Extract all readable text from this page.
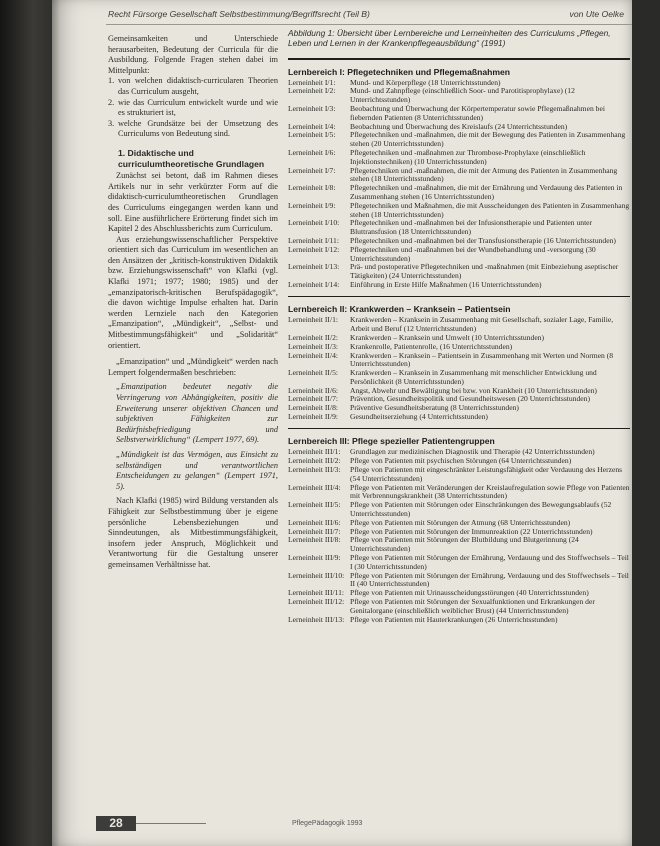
Recht Fürsorge Gesellschaft Selbstbestimmung/Begriffsrecht (Teil B)	von Ute Oelke

Gemeinsamkeiten und Unterschiede herausarbeiten, Bedeutung der Curricula für die Ausbildung. Folgende Fragen stehen dabei im Mittelpunkt:

1. von welchen didaktisch-curricularen Theorien das Curriculum ausgeht,
2. wie das Curriculum entwickelt wurde und wie es strukturiert ist,
3. welche Grundsätze bei der Umsetzung des Curriculums von Bedeutung sind.
1. Didaktische und curriculumtheoretische Grundlagen

Zunächst sei betont, daß im Rahmen dieses Artikels nur in sehr verkürzter Form auf die didaktisch-curriculumtheoretischen Grundlagen des Curriculums eingegangen werden kann und soll. Eine ausführlichere Erörterung findet sich im Kapitel 2 des Abschlussberichts zum Curriculum.

Aus erziehungswissenschaftlicher Perspektive orientiert sich das Curriculum im wesentlichen an den Ansätzen der „kritisch-konstruktiven Didaktik bzw. Erziehungswissenschaft“ von Klafki (vgl. Klafki 1971; 1977; 1980; 1985) und der „emanzipatorisch-kritischen Berufspädagogik“, die davon wichtige Impulse erhalten hat. Darin werden Lernziele nach den Kategorien „Emanzipation“, „Mündigkeit“, „Selbst- und Mitbestimmungsfähigkeit“ und „Solidarität“ orientiert.

„Emanzipation“ und „Mündigkeit“ werden nach Lempert folgendermaßen beschrieben:

„Emanzipation bedeutet negativ die Verringerung von Abhängigkeiten, positiv die Erweiterung unserer objektiven Chancen und subjektiven Fähigkeiten zur Bedürfnisbefriedigung und Selbstverwirklichung“ (Lempert 1977, 69).

„Mündigkeit ist das Vermögen, aus Einsicht zu selbständigen und verantwortlichen Entscheidungen zu gelangen“ (Lempert 1971, 5).

Nach Klafki (1985) wird Bildung verstanden als Fähigkeit zur Selbstbestimmung über je eigene persönliche Lebensbeziehungen und Sinndeutungen, als Mitbestimmungsfähigkeit, insofern jeder Anspruch, Möglichkeit und Verantwortung für die Gestaltung unserer gemeinsamen Verhältnisse hat.

Abbildung 1: Übersicht über Lernbereiche und Lerneinheiten des Curriculums „Pflegen, Leben und Lernen in der Krankenpflegeausbildung“ (1991)
Lernbereich I: Pflegetechniken und Pflegemaßnahmen
Lerneinheit I/1:	Mund- und Körperpflege (18 Unterrichtsstunden)
Lerneinheit I/2:	Mund- und Zahnpflege (einschließlich Soor- und Parotitisprophylaxe) (12 Unterrichtsstunden)
Lerneinheit I/3:	Beobachtung und Überwachung der Körpertemperatur sowie Pflegemaßnahmen bei fiebernden Patienten (8 Unterrichtsstunden)
Lerneinheit I/4:	Beobachtung und Überwachung des Kreislaufs (24 Unterrichtsstunden)
Lerneinheit I/5:	Pflegetechniken und -maßnahmen, die mit der Bewegung des Patienten in Zusammenhang stehen (20 Unterrichtsstunden)
Lerneinheit I/6:	Pflegetechniken und -maßnahmen zur Thrombose-Prophylaxe (einschließlich Injektionstechniken) (10 Unterrichtsstunden)
Lerneinheit I/7:	Pflegetechniken und -maßnahmen, die mit der Atmung des Patienten in Zusammenhang stehen (18 Unterrichtsstunden)
Lerneinheit I/8:	Pflegetechniken und -maßnahmen, die mit der Ernährung und Verdauung des Patienten in Zusammenhang stehen (16 Unterrichtsstunden)
Lerneinheit I/9:	Pflegetechniken und Maßnahmen, die mit Ausscheidungen des Patienten in Zusammenhang stehen (18 Unterrichtsstunden)
Lerneinheit I/10:	Pflegetechniken und -maßnahmen bei der Infusionstherapie und Patienten unter Bluttransfusion (18 Unterrichtsstunden)
Lerneinheit I/11:	Pflegetechniken und -maßnahmen bei der Transfusionstherapie (16 Unterrichtsstunden)
Lerneinheit I/12:	Pflegetechniken und -maßnahmen bei der Wundbehandlung und -versorgung (30 Unterrichtsstunden)
Lerneinheit I/13:	Prä- und postoperative Pflegetechniken und -maßnahmen (mit Einbeziehung aseptischer Tätigkeiten) (24 Unterrichtsstunden)
Lerneinheit I/14:	Einführung in Erste Hilfe Maßnahmen (16 Unterrichtsstunden)
Lernbereich II: Krankwerden – Kranksein – Patientsein
Lerneinheit II/1:	Krankwerden – Kranksein in Zusammenhang mit Gesellschaft, sozialer Lage, Familie, Arbeit und Beruf (12 Unterrichtsstunden)
Lerneinheit II/2:	Krankwerden – Kranksein und Umwelt (10 Unterrichtsstunden)
Lerneinheit II/3:	Krankenrolle, Patientenrolle, (16 Unterrichtsstunden)
Lerneinheit II/4:	Krankwerden – Kranksein – Patientsein in Zusammenhang mit Werten und Normen (8 Unterrichtsstunden)
Lerneinheit II/5:	Krankwerden – Kranksein in Zusammenhang mit menschlicher Entwicklung und Persönlichkeit (8 Unterrichtsstunden)
Lerneinheit II/6:	Angst, Abwehr und Bewältigung bei bzw. von Krankheit (10 Unterrichtsstunden)
Lerneinheit II/7:	Prävention, Gesundheitspolitik und Gesundheitswesen (20 Unterrichtsstunden)
Lerneinheit II/8:	Präventive Gesundheitsberatung (8 Unterrichtsstunden)
Lerneinheit II/9:	Gesundheitserziehung (4 Unterrichtsstunden)
Lernbereich III: Pflege spezieller Patientengruppen
Lerneinheit III/1:	Grundlagen zur medizinischen Diagnostik und Therapie (42 Unterrichtsstunden)
Lerneinheit III/2:	Pflege von Patienten mit psychischen Störungen (64 Unterrichtsstunden)
Lerneinheit III/3:	Pflege von Patienten mit eingeschränkter Leistungsfähigkeit oder Verdauung des Herzens (54 Unterrichtsstunden)
Lerneinheit III/4:	Pflege von Patienten mit Veränderungen der Kreislaufregulation sowie Pflege von Patienten mit Verbrennungskrankheit (38 Unterrichtsstunden)
Lerneinheit III/5:	Pflege von Patienten mit Störungen oder Einschränkungen des Bewegungsablaufs (52 Unterrichtsstunden)
Lerneinheit III/6:	Pflege von Patienten mit Störungen der Atmung (68 Unterrichtsstunden)
Lerneinheit III/7:	Pflege von Patienten mit Störungen der Immunreaktion (22 Unterrichtsstunden)
Lerneinheit III/8:	Pflege von Patienten mit Störungen der Blutbildung und Blutgerinnung (24 Unterrichtsstunden)
Lerneinheit III/9:	Pflege von Patienten mit Störungen der Ernährung, Verdauung und des Stoffwechsels – Teil I (30 Unterrichtsstunden)
Lerneinheit III/10: Pflege von Patienten mit Störungen der Ernährung, Verdauung und des Stoffwechsels – Teil II (40 Unterrichtsstunden)
Lerneinheit III/11: Pflege von Patienten mit Urinausscheidungsstörungen (40 Unterrichtsstunden)
Lerneinheit III/12: Pflege von Patienten mit Störungen der Sexualfunktionen und Erkrankungen der Genitalorgane (einschließlich weiblicher Brust) (44 Unterrichtsstunden)
Lerneinheit III/13: Pflege von Patienten mit Hauterkrankungen (26 Unterrichtsstunden)
28	PflegePädagogik 1993
